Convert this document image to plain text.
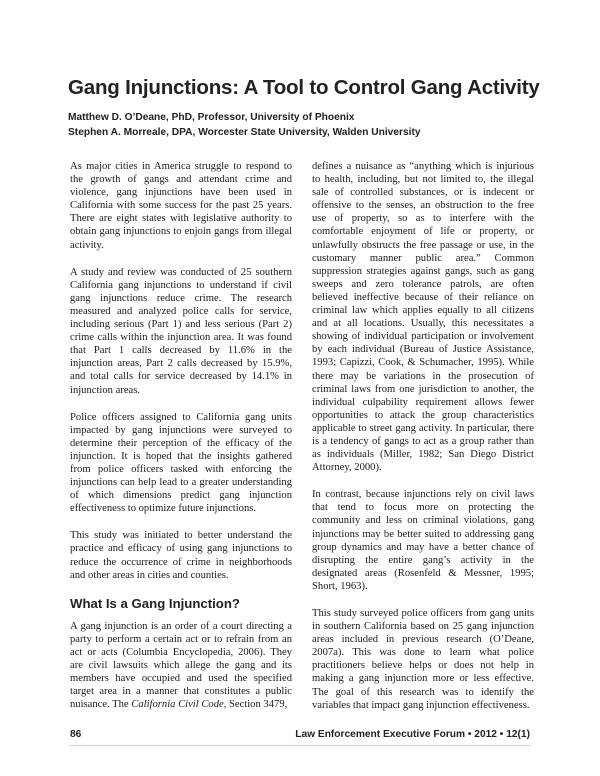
Gang Injunctions: A Tool to Control Gang Activity
Matthew D. O’Deane, PhD, Professor, University of Phoenix
Stephen A. Morreale, DPA, Worcester State University, Walden University

As major cities in America struggle to respond to the growth of gangs and attendant crime and violence, gang injunctions have been used in California with some success for the past 25 years. There are eight states with legislative authority to obtain gang injunctions to enjoin gangs from illegal activity.

A study and review was conducted of 25 southern California gang injunctions to understand if civil gang injunctions reduce crime. The research measured and analyzed police calls for service, including serious (Part 1) and less serious (Part 2) crime calls within the injunction area. It was found that Part 1 calls decreased by 11.6% in the injunction areas, Part 2 calls decreased by 15.9%, and total calls for service decreased by 14.1% in injunction areas.

Police officers assigned to California gang units impacted by gang injunctions were surveyed to determine their perception of the efficacy of the injunction. It is hoped that the insights gathered from police officers tasked with enforcing the injunctions can help lead to a greater understanding of which dimensions predict gang injunction effectiveness to optimize future injunctions.

This study was initiated to better understand the practice and efficacy of using gang injunctions to reduce the occurrence of crime in neighborhoods and other areas in cities and counties.

What Is a Gang Injunction?

A gang injunction is an order of a court directing a party to perform a certain act or to refrain from an act or acts (Columbia Encyclopedia, 2006). They are civil lawsuits which allege the gang and its members have occupied and used the specified target area in a manner that constitutes a public nuisance. The California Civil Code, Section 3479,

defines a nuisance as “anything which is injurious to health, including, but not limited to, the illegal sale of controlled substances, or is indecent or offensive to the senses, an obstruction to the free use of property, so as to interfere with the comfortable enjoyment of life or property, or unlawfully obstructs the free passage or use, in the customary manner public area.” Common suppression strategies against gangs, such as gang sweeps and zero tolerance patrols, are often believed ineffective because of their reliance on criminal law which applies equally to all citizens and at all locations. Usually, this necessitates a showing of individual participation or involvement by each individual (Bureau of Justice Assistance, 1993; Capizzi, Cook, & Schumacher, 1995). While there may be variations in the prosecution of criminal laws from one jurisdiction to another, the individual culpability requirement allows fewer opportunities to attack the group characteristics applicable to street gang activity. In particular, there is a tendency of gangs to act as a group rather than as individuals (Miller, 1982; San Diego District Attorney, 2000).

In contrast, because injunctions rely on civil laws that tend to focus more on protecting the community and less on criminal violations, gang injunctions may be better suited to addressing gang group dynamics and may have a better chance of disrupting the entire gang’s activity in the designated areas (Rosenfeld & Messner, 1995; Short, 1963).

This study surveyed police officers from gang units in southern California based on 25 gang injunction areas included in previous research (O’Deane, 2007a). This was done to learn what police practitioners believe helps or does not help in making a gang injunction more or less effective. The goal of this research was to identify the variables that impact gang injunction effectiveness.

86	Law Enforcement Executive Forum • 2012 • 12(1)
